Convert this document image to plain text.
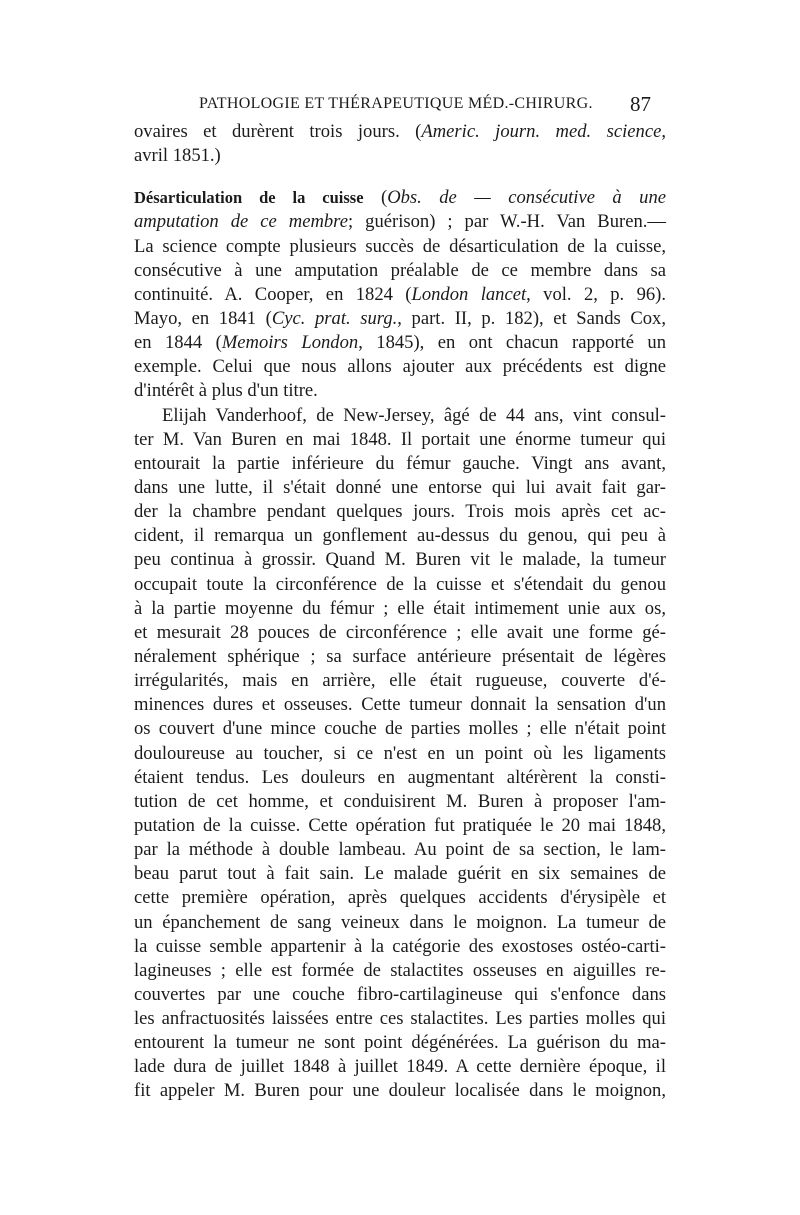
PATHOLOGIE ET THÉRAPEUTIQUE MÉD.-CHIRURG. 87
ovaires et durèrent trois jours. (Americ. journ. med. science,
avril 1851.)
Désarticulation de la cuisse (Obs. de — consécutive à une
amputation de ce membre; guérison) ; par W.-H. Van Buren.—
La science compte plusieurs succès de désarticulation de la cuisse,
consécutive à une amputation préalable de ce membre dans sa
continuité. A. Cooper, en 1824 (London lancet, vol. 2, p. 96).
Mayo, en 1841 (Cyc. prat. surg., part. II, p. 182), et Sands Cox,
en 1844 (Memoirs London, 1845), en ont chacun rapporté un
exemple. Celui que nous allons ajouter aux précédents est digne
d'intérêt à plus d'un titre.
Elijah Vanderhoof, de New-Jersey, âgé de 44 ans, vint consul-
ter M. Van Buren en mai 1848. Il portait une énorme tumeur qui
entourait la partie inférieure du fémur gauche. Vingt ans avant,
dans une lutte, il s'était donné une entorse qui lui avait fait gar-
der la chambre pendant quelques jours. Trois mois après cet ac-
cident, il remarqua un gonflement au-dessus du genou, qui peu à
peu continua à grossir. Quand M. Buren vit le malade, la tumeur
occupait toute la circonférence de la cuisse et s'étendait du genou
à la partie moyenne du fémur ; elle était intimement unie aux os,
et mesurait 28 pouces de circonférence ; elle avait une forme gé-
néralement sphérique ; sa surface antérieure présentait de légères
irrégularités, mais en arrière, elle était rugueuse, couverte d'é-
minences dures et osseuses. Cette tumeur donnait la sensation d'un
os couvert d'une mince couche de parties molles ; elle n'était point
douloureuse au toucher, si ce n'est en un point où les ligaments
étaient tendus. Les douleurs en augmentant altérèrent la consti-
tution de cet homme, et conduisirent M. Buren à proposer l'am-
putation de la cuisse. Cette opération fut pratiquée le 20 mai 1848,
par la méthode à double lambeau. Au point de sa section, le lam-
beau parut tout à fait sain. Le malade guérit en six semaines de
cette première opération, après quelques accidents d'érysipèle et
un épanchement de sang veineux dans le moignon. La tumeur de
la cuisse semble appartenir à la catégorie des exostoses ostéo-carti-
lagineuses ; elle est formée de stalactites osseuses en aiguilles re-
couvertes par une couche fibro-cartilagineuse qui s'enfonce dans
les anfractuosités laissées entre ces stalactites. Les parties molles qui
entourent la tumeur ne sont point dégénérées. La guérison du ma-
lade dura de juillet 1848 à juillet 1849. A cette dernière époque, il
fit appeler M. Buren pour une douleur localisée dans le moignon,
